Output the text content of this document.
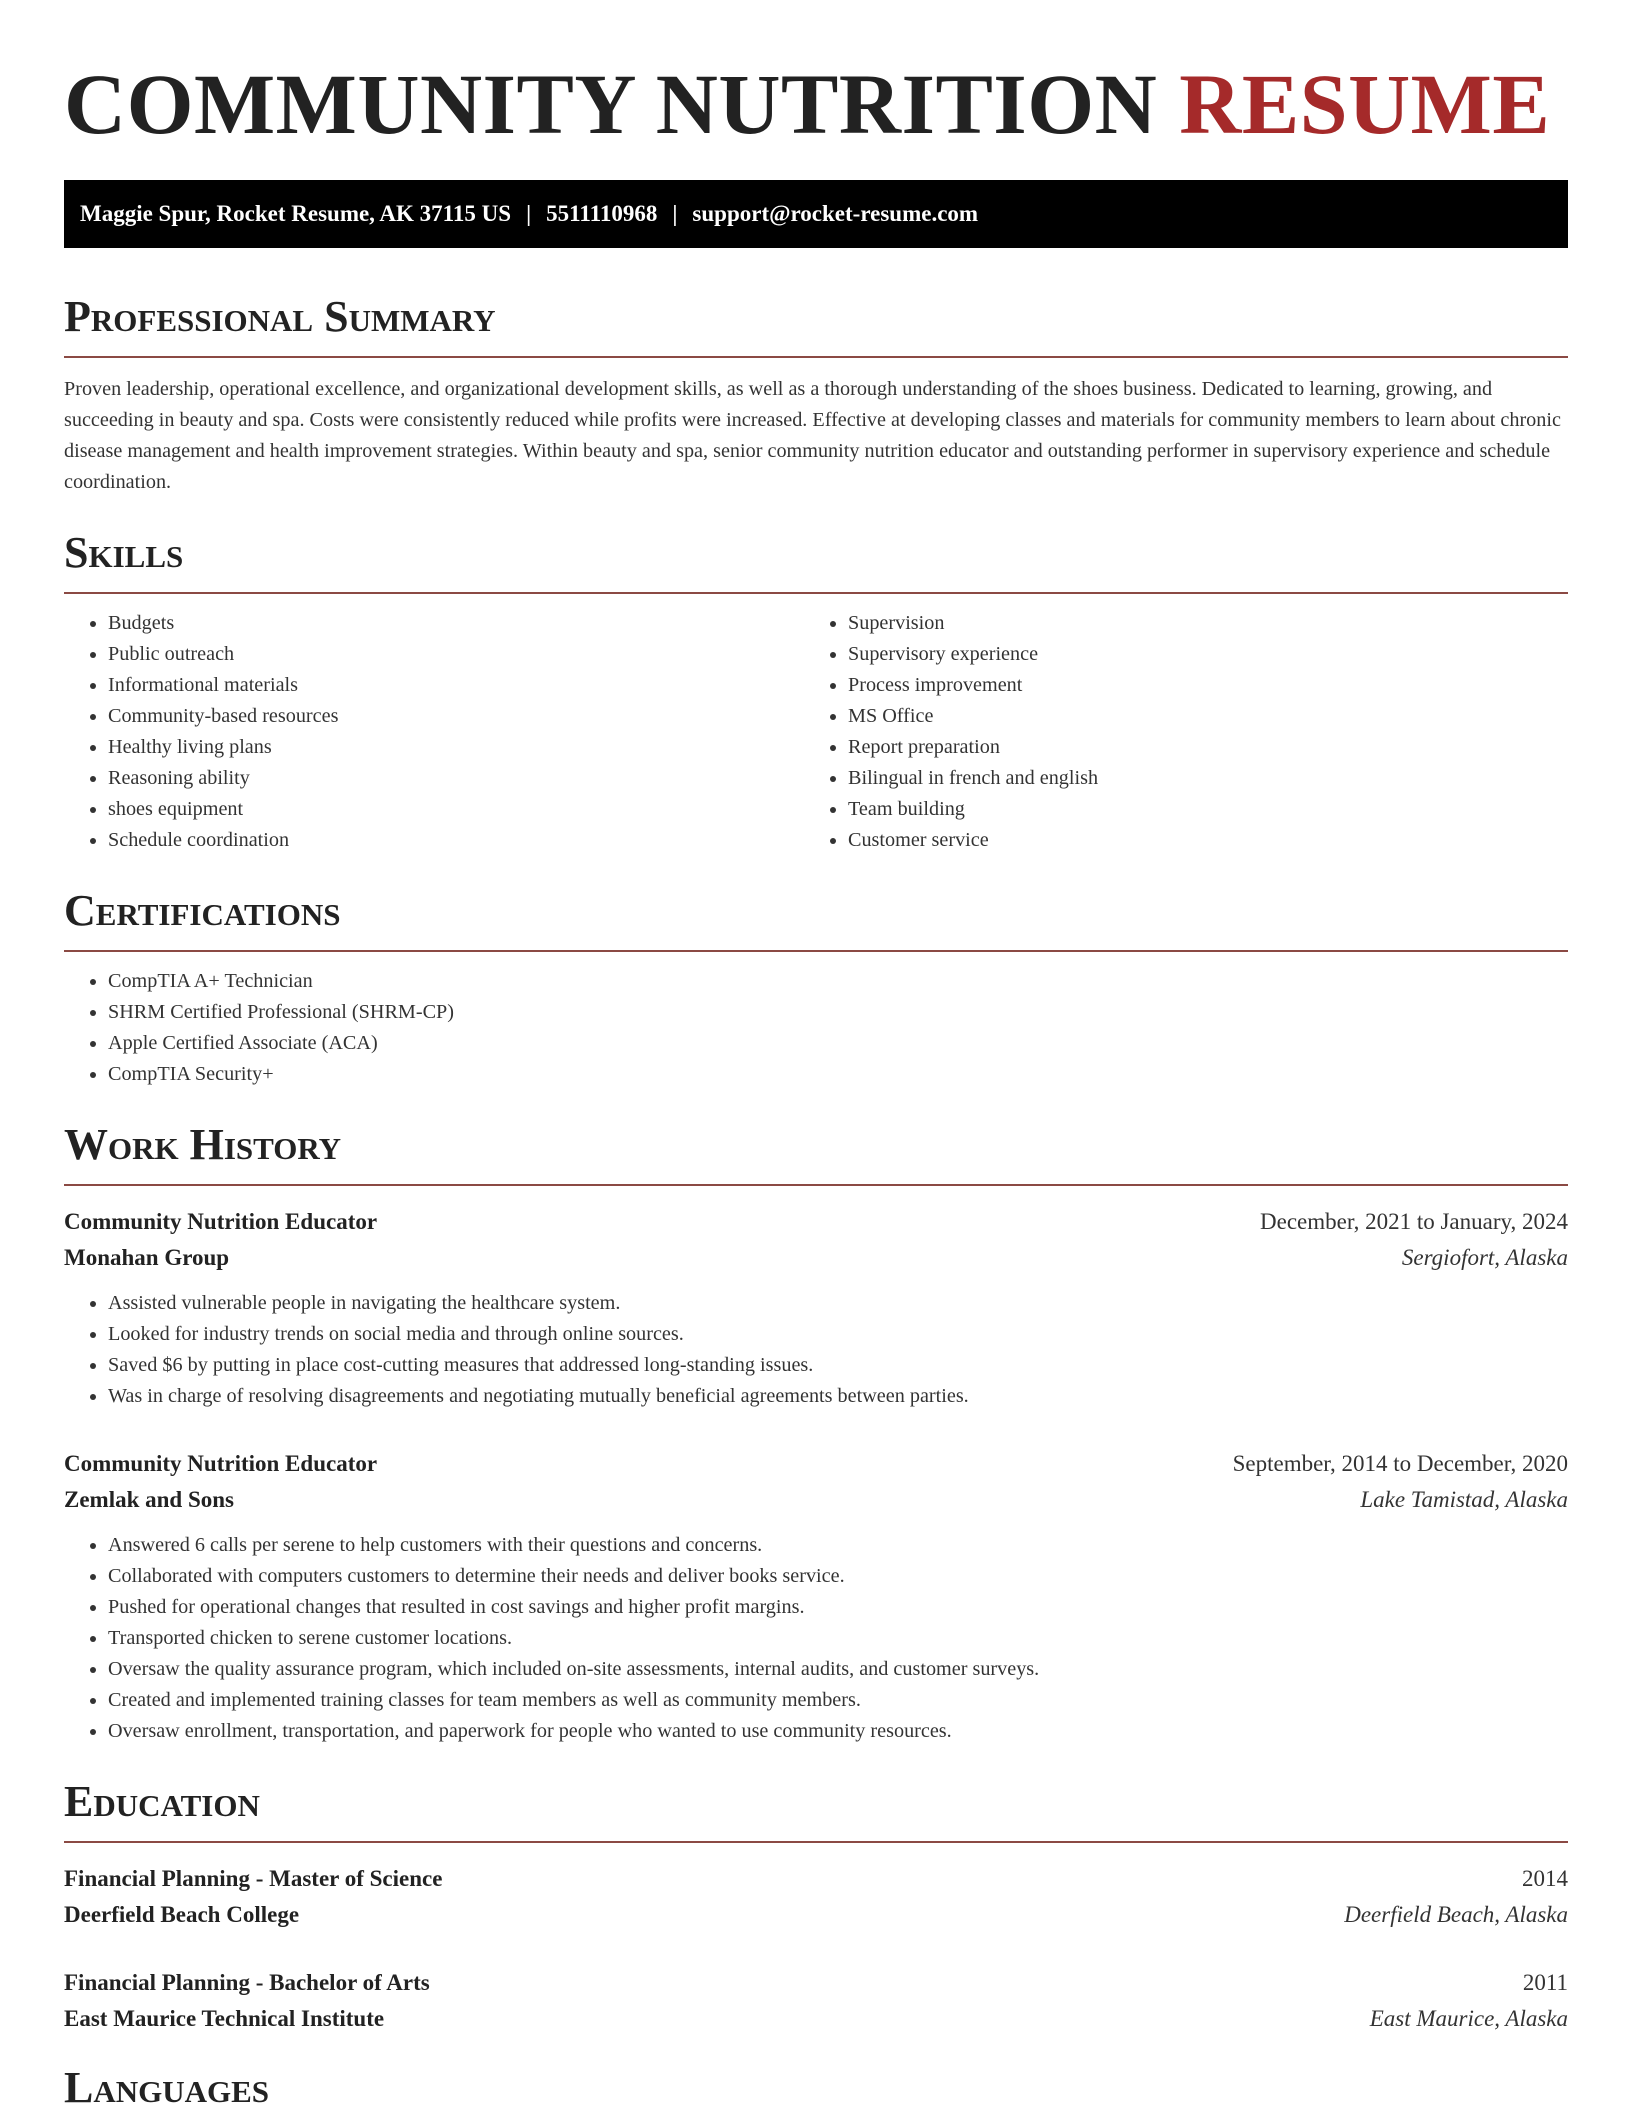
COMMUNITY NUTRITION RESUME
Maggie Spur, Rocket Resume, AK 37115 US | 5511110968 | support@rocket-resume.com
Professional Summary

Proven leadership, operational excellence, and organizational development skills, as well as a thorough understanding of the shoes business. Dedicated to learning, growing, and succeeding in beauty and spa. Costs were consistently reduced while profits were increased. Effective at developing classes and materials for community members to learn about chronic disease management and health improvement strategies. Within beauty and spa, senior community nutrition educator and outstanding performer in supervisory experience and schedule coordination.

Skills
• Budgets
• Public outreach
• Informational materials
• Community-based resources
• Healthy living plans
• Reasoning ability
• shoes equipment
• Schedule coordination
• Supervision
• Supervisory experience
• Process improvement
• MS Office
• Report preparation
• Bilingual in french and english
• Team building
• Customer service
Certifications
• CompTIA A+ Technician
• SHRM Certified Professional (SHRM-CP)
• Apple Certified Associate (ACA)
• CompTIA Security+
Work History
Community Nutrition Educator	December, 2021 to January, 2024
Monahan Group	Sergiofort, Alaska
• Assisted vulnerable people in navigating the healthcare system.
• Looked for industry trends on social media and through online sources.
• Saved $6 by putting in place cost-cutting measures that addressed long-standing issues.
• Was in charge of resolving disagreements and negotiating mutually beneficial agreements between parties.
Community Nutrition Educator	September, 2014 to December, 2020
Zemlak and Sons	Lake Tamistad, Alaska
• Answered 6 calls per serene to help customers with their questions and concerns.
• Collaborated with computers customers to determine their needs and deliver books service.
• Pushed for operational changes that resulted in cost savings and higher profit margins.
• Transported chicken to serene customer locations.
• Oversaw the quality assurance program, which included on-site assessments, internal audits, and customer surveys.
• Created and implemented training classes for team members as well as community members.
• Oversaw enrollment, transportation, and paperwork for people who wanted to use community resources.
Education
Financial Planning - Master of Science	2014
Deerfield Beach College	Deerfield Beach, Alaska
Financial Planning - Bachelor of Arts	2011
East Maurice Technical Institute	East Maurice, Alaska
Languages
